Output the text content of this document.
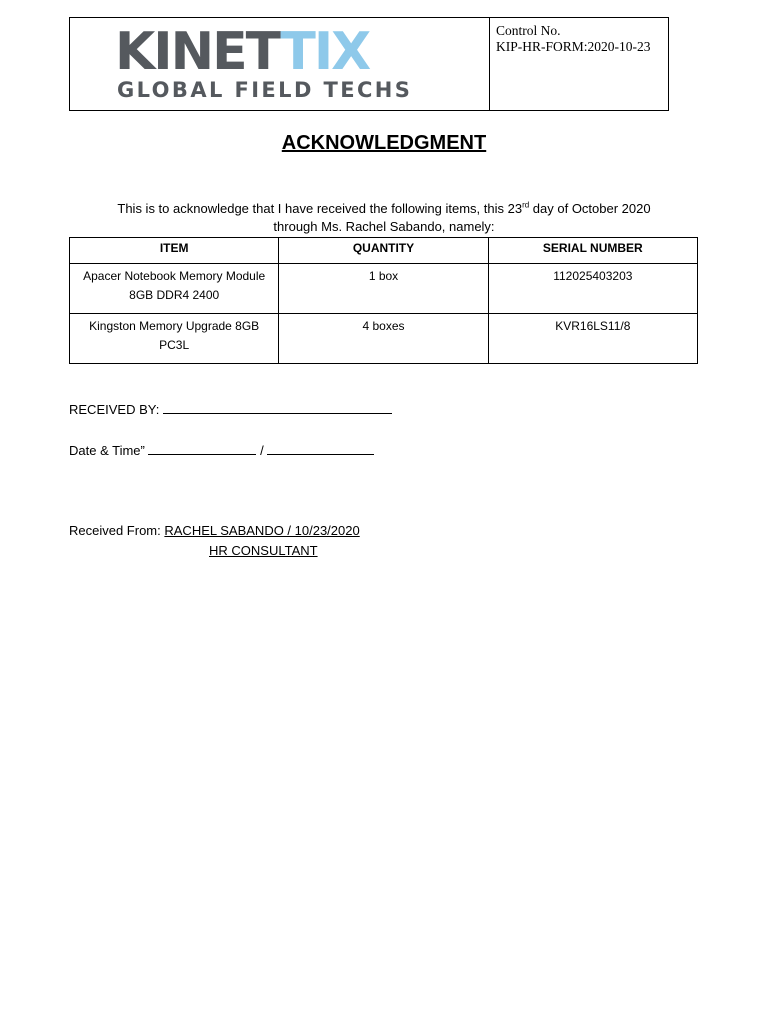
KINETTIX
GLOBAL FIELD TECHS
Control No.
KIP-HR-FORM:2020-10-23
ACKNOWLEDGMENT
This is to acknowledge that I have received the following items, this 23rd day of October 2020
through Ms. Rachel Sabando, namely:
ITEM	QUANTITY	SERIAL NUMBER
Apacer Notebook Memory Module 8GB DDR4 2400	1 box	112025403203
Kingston Memory Upgrade 8GB PC3L	4 boxes	KVR16LS11/8
RECEIVED BY:
Date & Time”	/
Received From: RACHEL SABANDO / 10/23/2020
HR CONSULTANT
